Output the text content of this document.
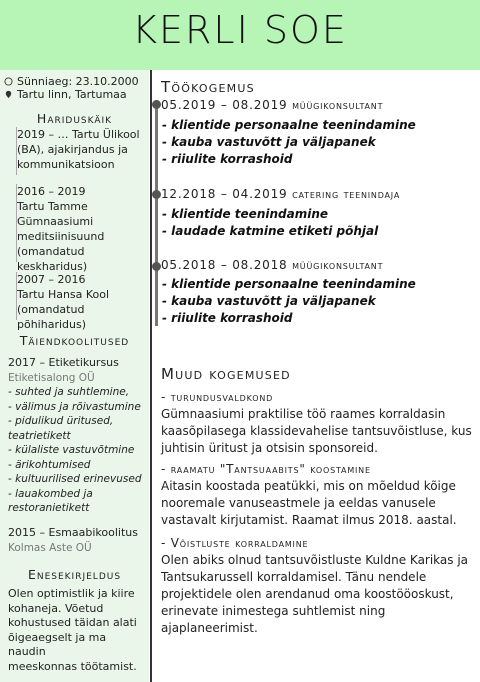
KERLI SOE
Sünniaeg: 23.10.2000
Tartu linn, Tartumaa
Hariduskäik
2019 – … Tartu Ülikool
(BA), ajakirjandus ja
kommunikatsioon
2016 – 2019
Tartu Tamme
Gümnaasiumi
meditsiinisuund
(omandatud keskharidus)
2007 – 2016
Tartu Hansa Kool
(omandatud põhiharidus)
Täiendkoolitused
2017 – Etiketikursus
Etiketisalong OÜ
- suhted ja suhtlemine,
- välimus ja rõivastumine
- pidulikud üritused,
teatrietikett
- külaliste vastuvõtmine
- ärikohtumised
- kultuurilised erinevused
- lauakombed ja
restoranietikett
2015 – Esmaabikoolitus
Kolmas Aste OÜ
Enesekirjeldus
Olen optimistlik ja kiire
kohaneja. Võetud
kohustused täidan alati
õigeaegselt ja ma naudin
meeskonnas töötamist.
Töökogemus
05.2019 – 08.2019 müügikonsultant
- klientide personaalne teenindamine
- kauba vastuvõtt ja väljapanek
- riiulite korrashoid
12.2018 – 04.2019 catering teenindaja
- klientide teenindamine
- laudade katmine etiketi põhjal
05.2018 – 08.2018 müügikonsultant
- klientide personaalne teenindamine
- kauba vastuvõtt ja väljapanek
- riiulite korrashoid
Muud kogemused
- turundusvaldkond
Gümnaasiumi praktilise töö raames korraldasin
kaasõpilasega klassidevahelise tantsuvõistluse, kus
juhtisin üritust ja otsisin sponsoreid.
- raamatu "Tantsuaabits" koostamine
Aitasin koostada peatükki, mis on mõeldud kõige
nooremale vanuseastmele ja eeldas vanusele
vastavalt kirjutamist. Raamat ilmus 2018. aastal.
- Võistluste korraldamine
Olen abiks olnud tantsuvõistluste Kuldne Karikas ja
Tantsukarussell korraldamisel. Tänu nendele
projektidele olen arendanud oma koostööoskust,
erinevate inimestega suhtlemist ning ajaplaneerimist.
